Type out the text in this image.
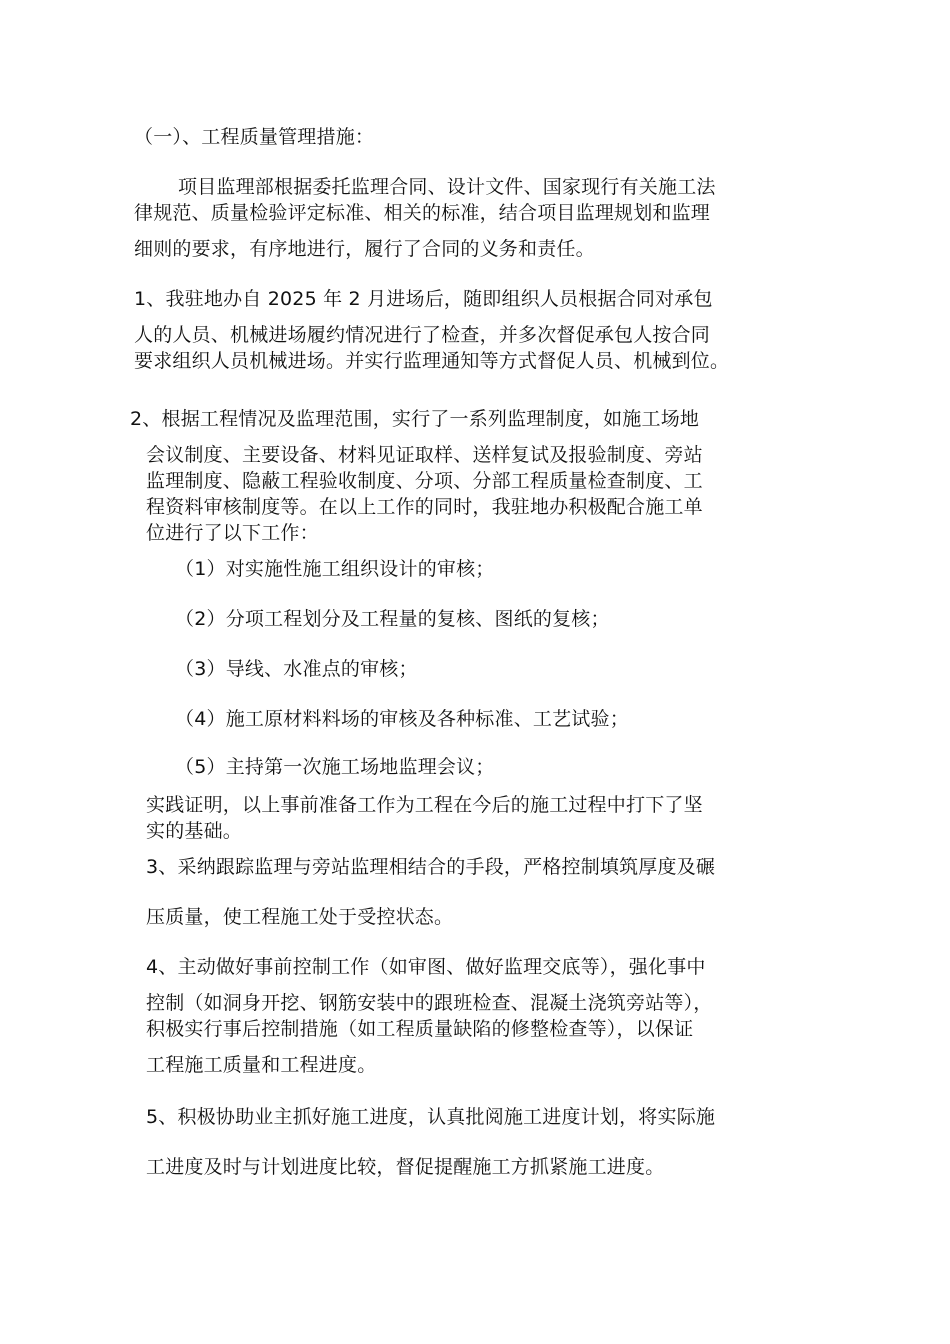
（一）、工程质量管理措施：
项目监理部根据委托监理合同、设计文件、国家现行有关施工法
律规范、质量检验评定标准、相关的标准，结合项目监理规划和监理
细则的要求，有序地进行，履行了合同的义务和责任。
1、我驻地办自 2025 年 2 月进场后，随即组织人员根据合同对承包
人的人员、机械进场履约情况进行了检查，并多次督促承包人按合同
要求组织人员机械进场。并实行监理通知等方式督促人员、机械到位。
2、根据工程情况及监理范围，实行了一系列监理制度，如施工场地
会议制度、主要设备、材料见证取样、送样复试及报验制度、旁站
监理制度、隐蔽工程验收制度、分项、分部工程质量检查制度、工
程资料审核制度等。在以上工作的同时，我驻地办积极配合施工单
位进行了以下工作：
（1）对实施性施工组织设计的审核；
（2）分项工程划分及工程量的复核、图纸的复核；
（3）导线、水准点的审核；
（4）施工原材料料场的审核及各种标准、工艺试验；
（5）主持第一次施工场地监理会议；
实践证明，以上事前准备工作为工程在今后的施工过程中打下了坚
实的基础。
3、采纳跟踪监理与旁站监理相结合的手段，严格控制填筑厚度及碾
压质量，使工程施工处于受控状态。
4、主动做好事前控制工作（如审图、做好监理交底等），强化事中
控制（如洞身开挖、钢筋安装中的跟班检查、混凝土浇筑旁站等），
积极实行事后控制措施（如工程质量缺陷的修整检查等），以保证
工程施工质量和工程进度。
5、积极协助业主抓好施工进度，认真批阅施工进度计划，将实际施
工进度及时与计划进度比较，督促提醒施工方抓紧施工进度。
